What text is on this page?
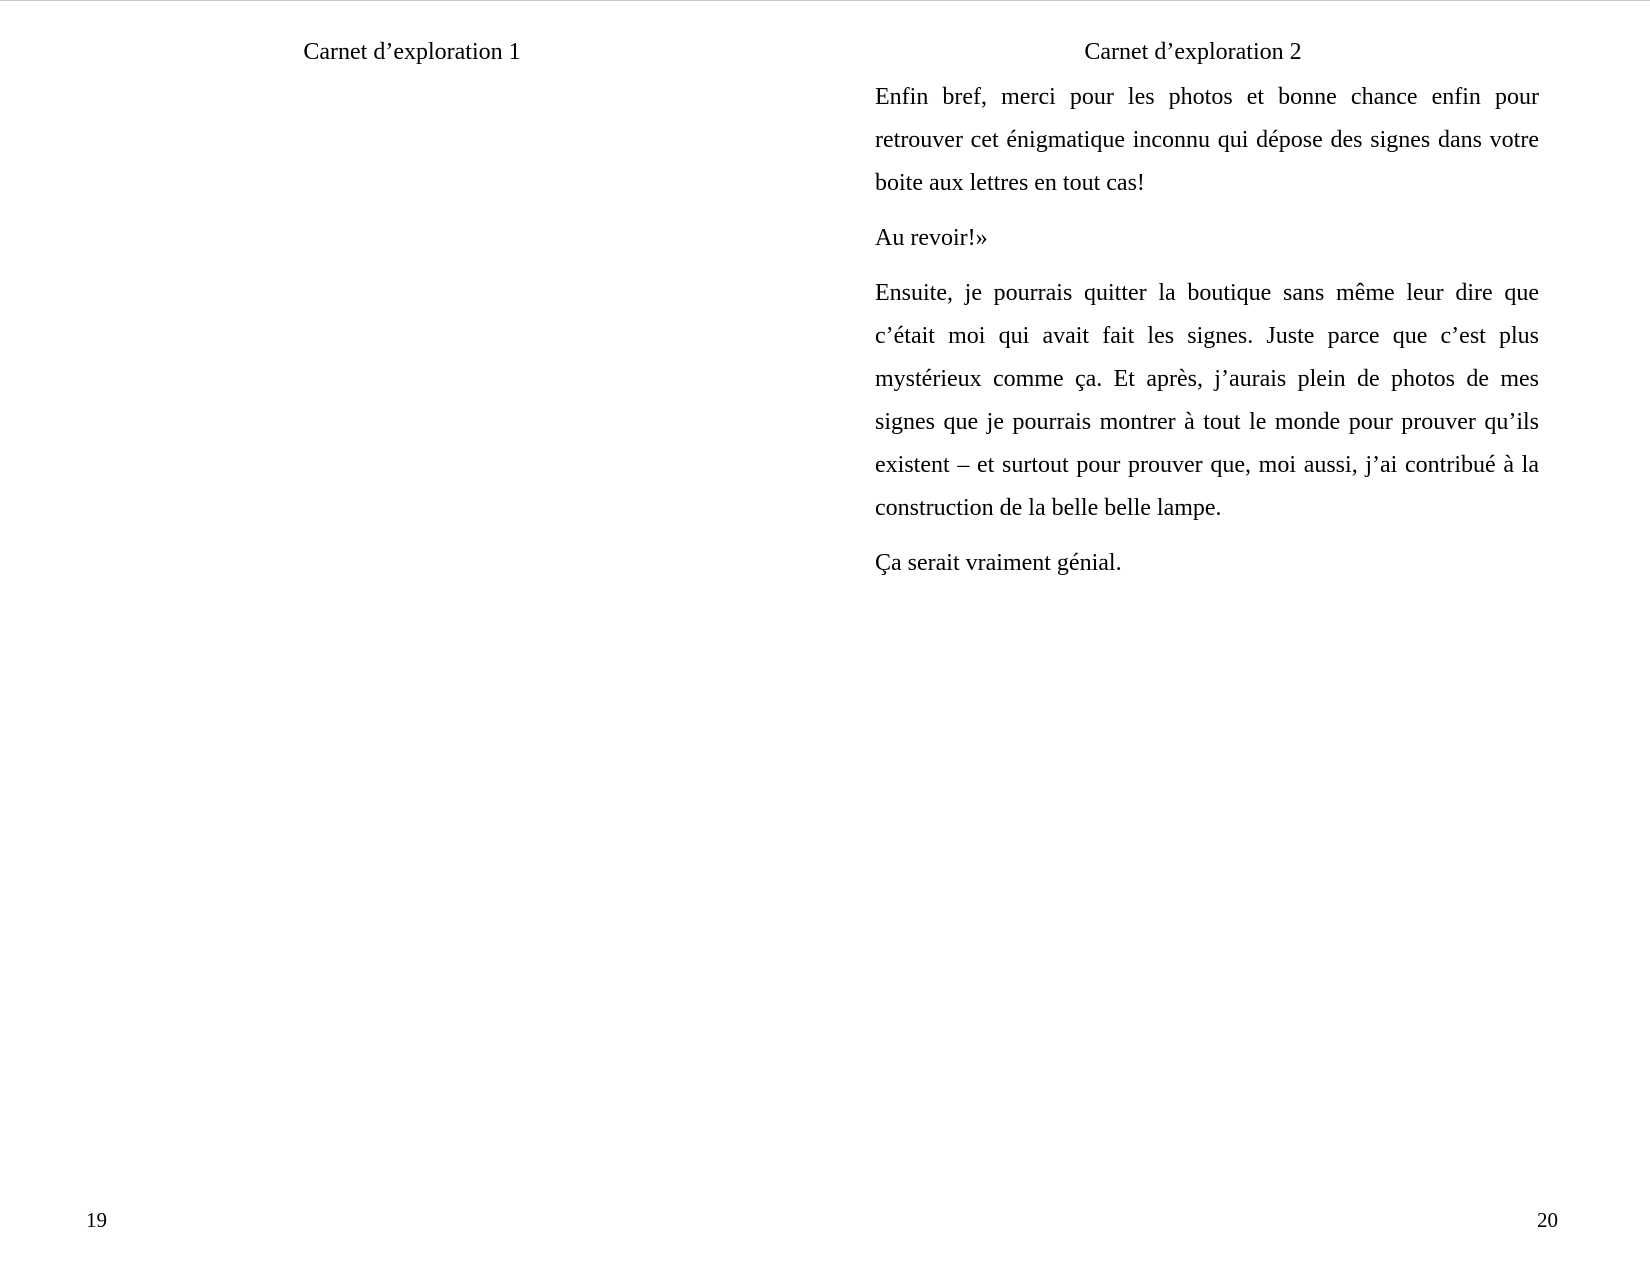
Carnet d’exploration 1
19
Carnet d’exploration 2

Enfin bref, merci pour les photos et bonne chance enfin pour retrouver cet énigmatique inconnu qui dépose des signes dans votre boite aux lettres en tout cas!

Au revoir!»

Ensuite, je pourrais quitter la boutique sans même leur dire que c’était moi qui avait fait les signes. Juste parce que c’est plus mystérieux comme ça. Et après, j’aurais plein de photos de mes signes que je pourrais montrer à tout le monde pour prouver qu’ils existent – et surtout pour prouver que, moi aussi, j’ai contribué à la construction de la belle belle lampe.

Ça serait vraiment génial.

20
